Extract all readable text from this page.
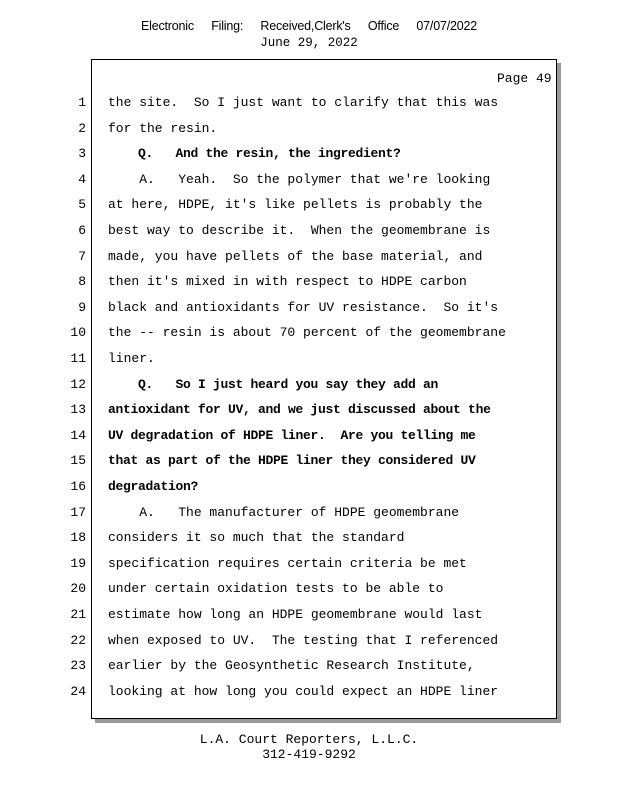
Electronic Filing: Received,Clerk's Office 07/07/2022
June 29, 2022
Page 49
1 the site.  So I just want to clarify that this was
2 for the resin.
3 Q.   And the resin, the ingredient?
4 A.   Yeah.  So the polymer that we're looking
5 at here, HDPE, it's like pellets is probably the
6 best way to describe it.  When the geomembrane is
7 made, you have pellets of the base material, and
8 then it's mixed in with respect to HDPE carbon
9 black and antioxidants for UV resistance.  So it's
10 the -- resin is about 70 percent of the geomembrane
11 liner.
12 Q.   So I just heard you say they add an
13 antioxidant for UV, and we just discussed about the
14 UV degradation of HDPE liner.  Are you telling me
15 that as part of the HDPE liner they considered UV
16 degradation?
17 A.   The manufacturer of HDPE geomembrane
18 considers it so much that the standard
19 specification requires certain criteria be met
20 under certain oxidation tests to be able to
21 estimate how long an HDPE geomembrane would last
22 when exposed to UV.  The testing that I referenced
23 earlier by the Geosynthetic Research Institute,
24 looking at how long you could expect an HDPE liner
L.A. Court Reporters, L.L.C.
312-419-9292
